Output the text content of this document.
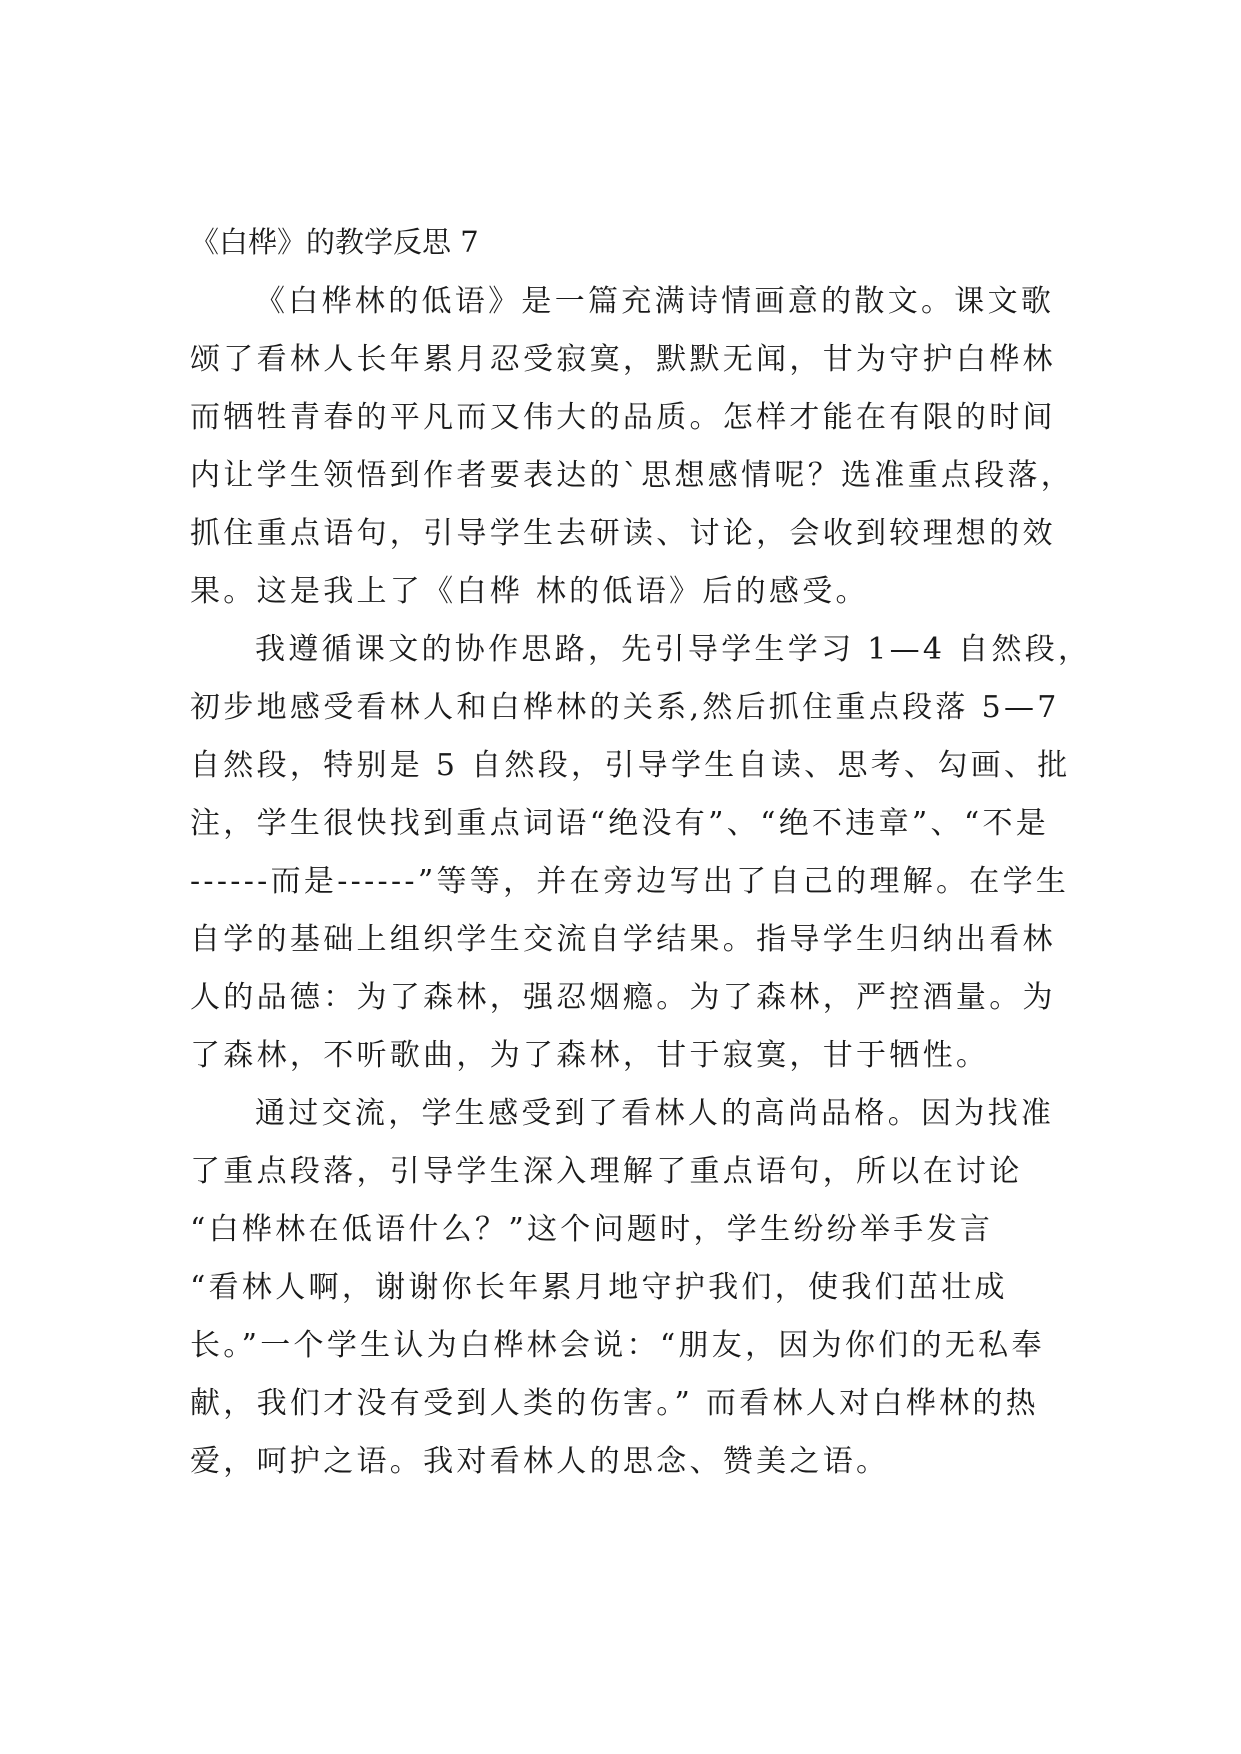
《白桦》的教学反思 7
《白桦林的低语》是一篇充满诗情画意的散文。课文歌
颂了看林人长年累月忍受寂寞，默默无闻，甘为守护白桦林
而牺牲青春的平凡而又伟大的品质。怎样才能在有限的时间
内让学生领悟到作者要表达的`思想感情呢？选准重点段落，
抓住重点语句，引导学生去研读、讨论，会收到较理想的效
果。这是我上了《白桦 林的低语》后的感受。
我遵循课文的协作思路，先引导学生学习 1—4 自然段，
初步地感受看林人和白桦林的关系,然后抓住重点段落 5—7
自然段，特别是 5 自然段，引导学生自读、思考、勾画、批
注，学生很快找到重点词语“绝没有”、“绝不违章”、“不是
------而是------”等等，并在旁边写出了自己的理解。在学生
自学的基础上组织学生交流自学结果。指导学生归纳出看林
人的品德：为了森林，强忍烟瘾。为了森林，严控酒量。为
了森林，不听歌曲，为了森林，甘于寂寞，甘于牺性。
通过交流，学生感受到了看林人的高尚品格。因为找准
了重点段落，引导学生深入理解了重点语句，所以在讨论
“白桦林在低语什么？”这个问题时，学生纷纷举手发言
“看林人啊，谢谢你长年累月地守护我们，使我们茁壮成
长。”一个学生认为白桦林会说：“朋友，因为你们的无私奉
献，我们才没有受到人类的伤害。” 而看林人对白桦林的热
爱，呵护之语。我对看林人的思念、赞美之语。
